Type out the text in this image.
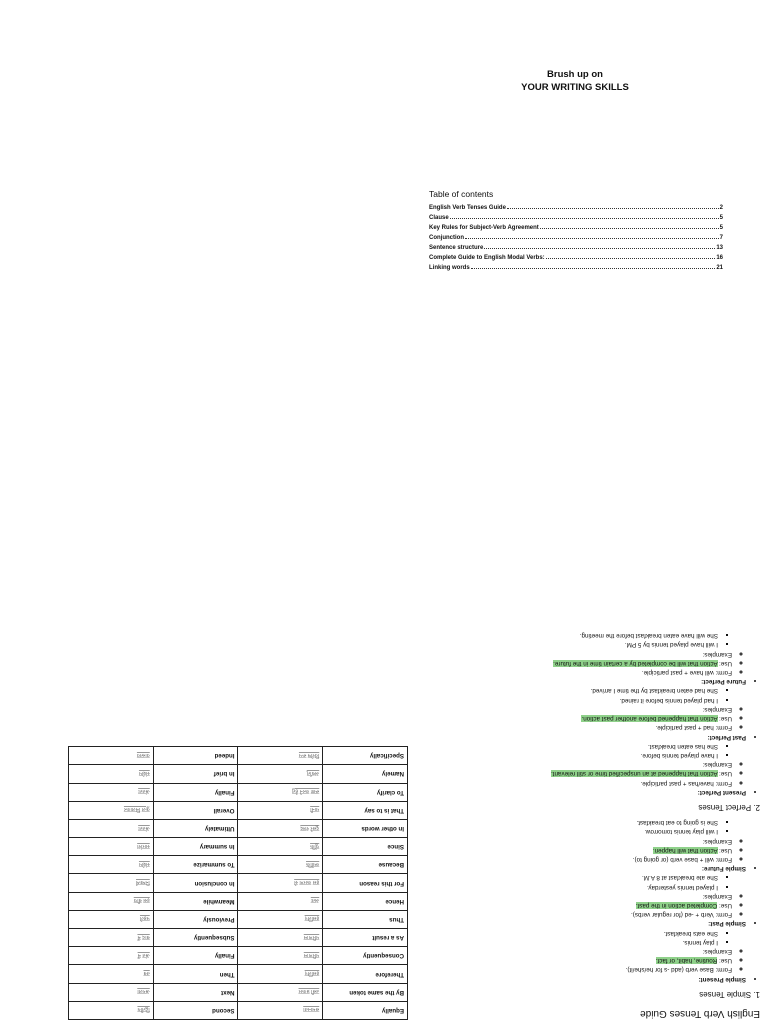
Brush up on
YOUR WRITING SKILLS
Table of contents
English Verb Tenses Guide	2
Clause	5
Key Rules for Subject-Verb Agreement	5
Conjunction	7
Sentence structure	13
Complete Guide to English Modal Verbs:	16
Linking words	21
English Verb Tenses Guide
1. Simple Tenses
• Simple Present:
◦ Form: Base verb (add -s for he/she/it).
◦ Use: Routine, habit, or fact.
◦ Examples:
▪ I play tennis.
▪ She eats breakfast.
• Simple Past:
◦ Form: Verb + -ed (for regular verbs).
◦ Use: Completed action in the past.
◦ Examples:
▪ I played tennis yesterday.
▪ She ate breakfast at 8 A.M.
• Simple Future:
◦ Form: will + base verb (or going to).
◦ Use: Action that will happen.
◦ Examples:
▪ I will play tennis tomorrow.
▪ She is going to eat breakfast.
2. Perfect Tenses
• Present Perfect:
◦ Form: have/has + past participle.
◦ Use: Action that happened at an unspecified time or still relevant.
◦ Examples:
▪ I have played tennis before.
▪ She has eaten breakfast.
• Past Perfect:
◦ Form: had + past participle.
◦ Use: Action that happened before another past action.
◦ Examples:
▪ I had played tennis before it rained.
▪ She had eaten breakfast by the time I arrived.
• Future Perfect:
◦ Form: will have + past participle.
◦ Use: Action that will be completed by a certain time in the future.
◦ Examples:
▪ I will have played tennis by 5 PM.
▪ She will have eaten breakfast before the meeting.
Equally	समानता	Second	द्वितीय
By the same token	उसी प्रकार	Next	अगला
Therefore	इसलिए	Then	तब
Consequently	परिणाम	Finally	अंत में
As a result	परिणाम	Subsequently	बाद में
Thus	इसलिए	Previously	पहले
Hence	अतः	Meanwhile	इस बीच
For this reason	इस कारण से	In conclusion	निष्कर्ष
Because	क्योंकि	To summarize	संक्षेप
Since	चूंकि	In summary	सारांश
In other words	दूसरे शब्द	Ultimately	अंततः
That is to say	यानी	Overall	कुल मिलाकर
To clarify	स्पष्ट करने हेतु	Finally	अंततः
Namely	अर्थात्	In brief	संक्षेप
Specifically	विशेष रूप	Indeed	वास्तव
